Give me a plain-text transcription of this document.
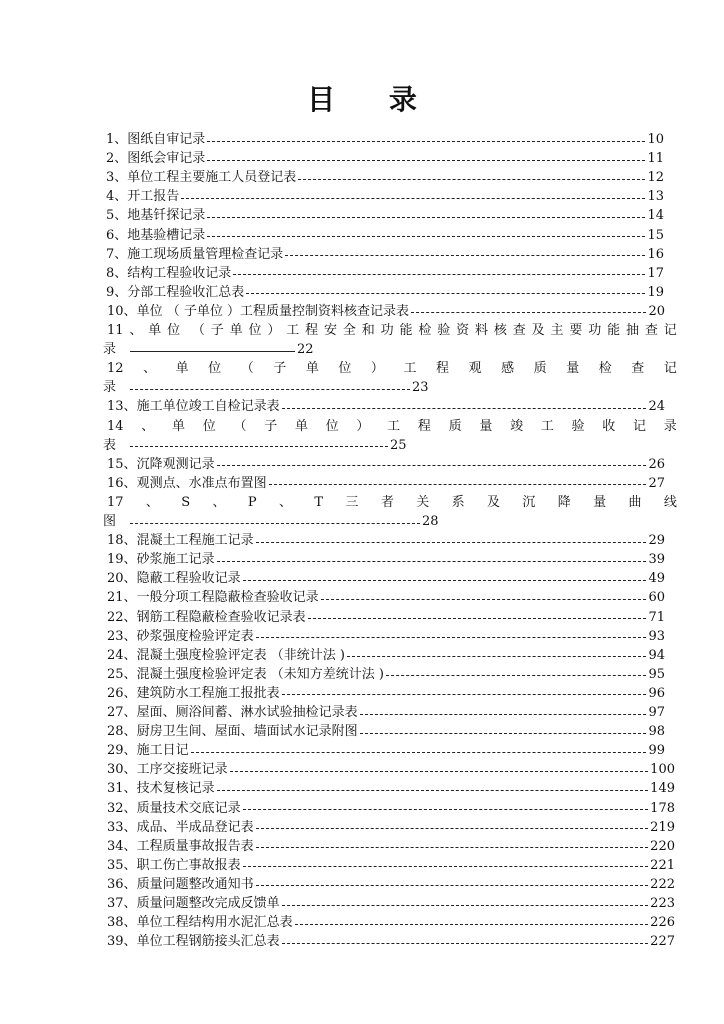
目 录
1、图纸自审记录	10
2、图纸会审记录	11
3、单位工程主要施工人员登记表	12
4、开工报告	13
5、地基钎探记录	14
6、地基验槽记录	15
7、施工现场质量管理检查记录	16
8、结构工程验收记录	17
9、分部工程验收汇总表	19
10、单位 （ 子单位 ）工程质量控制资料核查记录表	20
11 、 单 位 （ 子 单 位 ） 工 程 安 全 和 功 能 检 验 资 料 核 查 及 主 要 功 能 抽 查 记
录	22
12 、 单 位 （ 子 单 位 ） 工 程 观 感 质 量 检 查 记
录	23
13、施工单位竣工自检记录表	24
14 、 单 位 （ 子 单 位 ） 工 程 质 量 竣 工 验 收 记 录
表	25
15、沉降观测记录	26
16、观测点、水准点布置图	27
17 、 S 、 P 、 T 三 者 关 系 及 沉 降 量 曲 线
图	28
18、混凝土工程施工记录	29
19、砂浆施工记录	39
20、隐蔽工程验收记录	49
21、一般分项工程隐蔽检查验收记录	60
22、钢筋工程隐蔽检查验收记录表	71
23、砂浆强度检验评定表	93
24、混凝土强度检验评定表 （非统计法 )	94
25、混凝土强度检验评定表 （未知方差统计法 )	95
26、建筑防水工程施工报批表	96
27、屋面、厕浴间蓄、淋水试验抽检记录表	97
28、厨房卫生间、屋面、墙面试水记录附图	98
29、施工日记	99
30、工序交接班记录	100
31、技术复核记录	149
32、质量技术交底记录	178
33、成品、半成品登记表	219
34、工程质量事故报告表	220
35、职工伤亡事故报表	221
36、质量问题整改通知书	222
37、质量问题整改完成反馈单	223
38、单位工程结构用水泥汇总表	226
39、单位工程钢筋接头汇总表	227
